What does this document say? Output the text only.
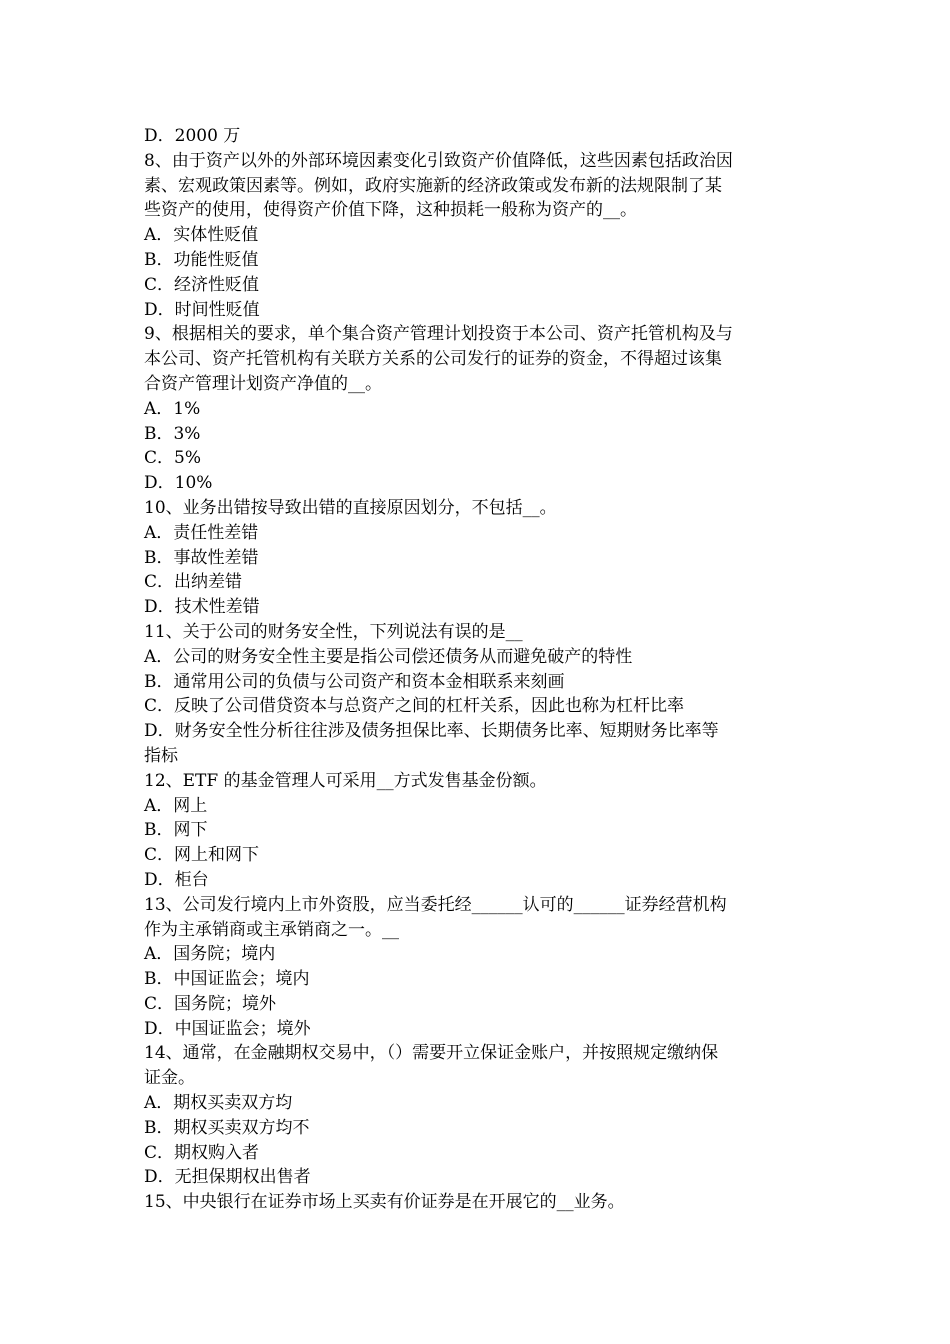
D．2000 万
8、由于资产以外的外部环境因素变化引致资产价值降低，这些因素包括政治因
素、宏观政策因素等。例如，政府实施新的经济政策或发布新的法规限制了某
些资产的使用，使得资产价值下降，这种损耗一般称为资产的__。
A．实体性贬值
B．功能性贬值
C．经济性贬值
D．时间性贬值
9、根据相关的要求，单个集合资产管理计划投资于本公司、资产托管机构及与
本公司、资产托管机构有关联方关系的公司发行的证券的资金，不得超过该集
合资产管理计划资产净值的__。
A．1%
B．3%
C．5%
D．10%
10、业务出错按导致出错的直接原因划分，不包括__。
A．责任性差错
B．事故性差错
C．出纳差错
D．技术性差错
11、关于公司的财务安全性，下列说法有误的是__
A．公司的财务安全性主要是指公司偿还债务从而避免破产的特性
B．通常用公司的负债与公司资产和资本金相联系来刻画
C．反映了公司借贷资本与总资产之间的杠杆关系，因此也称为杠杆比率
D．财务安全性分析往往涉及债务担保比率、长期债务比率、短期财务比率等
指标
12、ETF 的基金管理人可采用__方式发售基金份额。
A．网上
B．网下
C．网上和网下
D．柜台
13、公司发行境内上市外资股，应当委托经______认可的______证券经营机构
作为主承销商或主承销商之一。__
A．国务院；境内
B．中国证监会；境内
C．国务院；境外
D．中国证监会；境外
14、通常，在金融期权交易中，（）需要开立保证金账户，并按照规定缴纳保
证金。
A．期权买卖双方均
B．期权买卖双方均不
C．期权购入者
D．无担保期权出售者
15、中央银行在证券市场上买卖有价证券是在开展它的__业务。
